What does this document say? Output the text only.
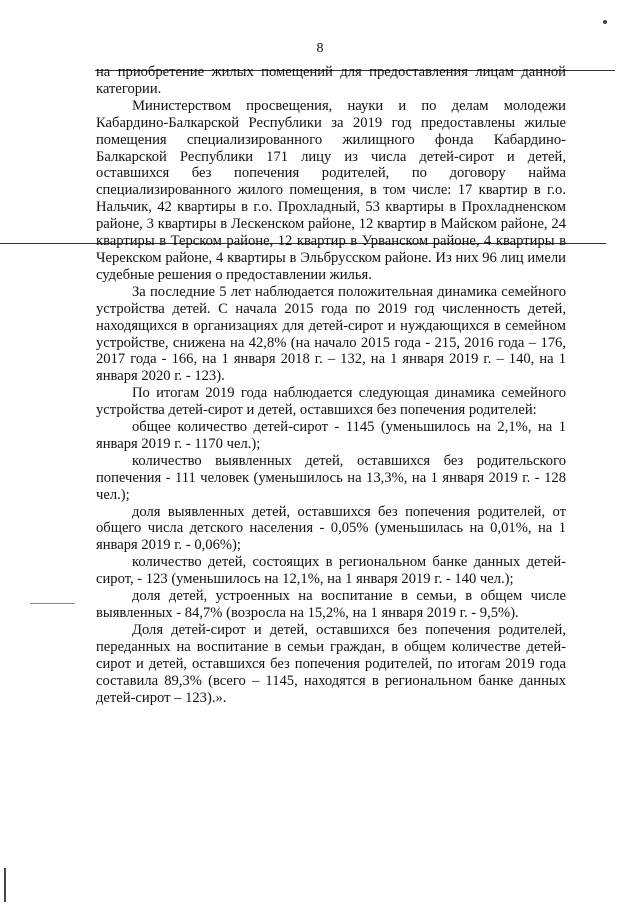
8

на приобретение жилых помещений для предоставления лицам данной категории.

Министерством просвещения, науки и по делам молодежи Кабардино-Балкарской Республики за 2019 год предоставлены жилые помещения специализированного жилищного фонда Кабардино-Балкарской Республики 171 лицу из числа детей-сирот и детей, оставшихся без попечения родителей, по договору найма специализированного жилого помещения, в том числе: 17 квартир в г.о. Нальчик, 42 квартиры в г.о. Прохладный, 53 квартиры в Прохладненском районе, 3 квартиры в Лескенском районе, 12 квартир в Майском районе, 24 квартиры в Терском районе, 12 квартир в Урванском районе, 4 квартиры в Черекском районе, 4 квартиры в Эльбрусском районе. Из них 96 лиц имели судебные решения о предоставлении жилья.

За последние 5 лет наблюдается положительная динамика семейного устройства детей. С начала 2015 года по 2019 год численность детей, находящихся в организациях для детей-сирот и нуждающихся в семейном устройстве, снижена на 42,8% (на начало 2015 года - 215, 2016 года – 176, 2017 года - 166, на 1 января 2018 г. – 132, на 1 января 2019 г. – 140, на 1 января 2020 г. - 123).

По итогам 2019 года наблюдается следующая динамика семейного устройства детей-сирот и детей, оставшихся без попечения родителей:

общее количество детей-сирот - 1145 (уменьшилось на 2,1%, на 1 января 2019 г. - 1170 чел.);

количество выявленных детей, оставшихся без родительского попечения - 111 человек (уменьшилось на 13,3%, на 1 января 2019 г. - 128 чел.);

доля выявленных детей, оставшихся без попечения родителей, от общего числа детского населения - 0,05% (уменьшилась на 0,01%, на 1 января 2019 г. - 0,06%);

количество детей, состоящих в региональном банке данных детей-сирот, - 123 (уменьшилось на 12,1%, на 1 января 2019 г. - 140 чел.);

доля детей, устроенных на воспитание в семьи, в общем числе выявленных - 84,7% (возросла на 15,2%, на 1 января 2019 г. - 9,5%).

Доля детей-сирот и детей, оставшихся без попечения родителей, переданных на воспитание в семьи граждан, в общем количестве детей-сирот и детей, оставшихся без попечения родителей, по итогам 2019 года составила 89,3% (всего – 1145, находятся в региональном банке данных детей-сирот – 123).».
